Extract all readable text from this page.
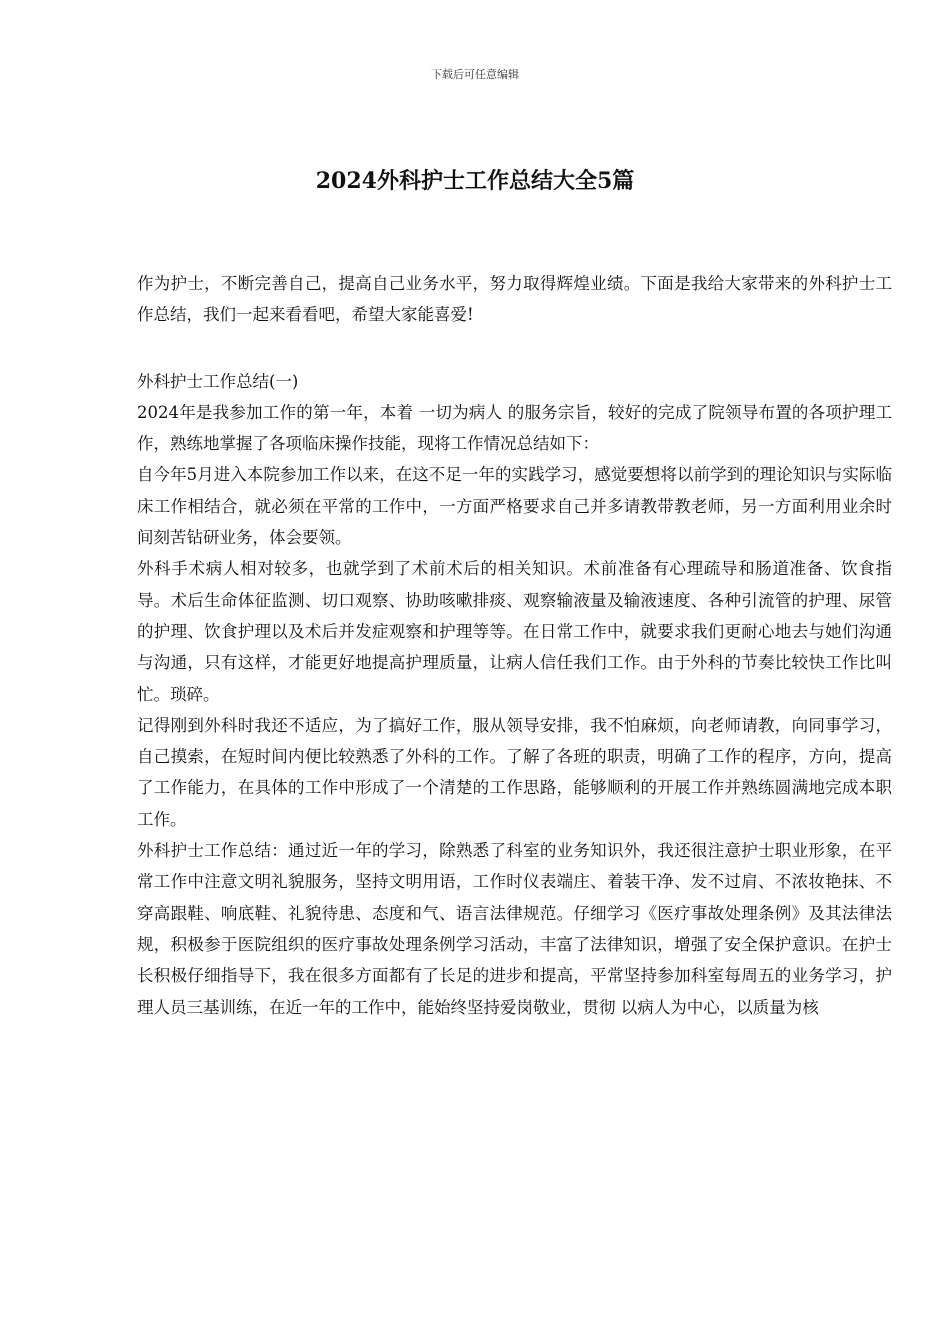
下载后可任意编辑
2024外科护士工作总结大全5篇

作为护士，不断完善自己，提高自己业务水平，努力取得辉煌业绩。下面是我给大家带来的外科护士工作总结，我们一起来看看吧，希望大家能喜爱!

外科护士工作总结(一)

2024年是我参加工作的第一年，本着 一切为病人 的服务宗旨，较好的完成了院领导布置的各项护理工作，熟练地掌握了各项临床操作技能，现将工作情况总结如下：

自今年5月进入本院参加工作以来，在这不足一年的实践学习，感觉要想将以前学到的理论知识与实际临床工作相结合，就必须在平常的工作中，一方面严格要求自己并多请教带教老师，另一方面利用业余时间刻苦钻研业务，体会要领。

外科手术病人相对较多，也就学到了术前术后的相关知识。术前准备有心理疏导和肠道准备、饮食指导。术后生命体征监测、切口观察、协助咳嗽排痰、观察输液量及输液速度、各种引流管的护理、尿管的护理、饮食护理以及术后并发症观察和护理等等。在日常工作中，就要求我们更耐心地去与她们沟通与沟通，只有这样，才能更好地提高护理质量，让病人信任我们工作。由于外科的节奏比较快工作比叫忙。琐碎。

记得刚到外科时我还不适应，为了搞好工作，服从领导安排，我不怕麻烦，向老师请教，向同事学习，自己摸索，在短时间内便比较熟悉了外科的工作。了解了各班的职责，明确了工作的程序，方向，提高了工作能力，在具体的工作中形成了一个清楚的工作思路，能够顺利的开展工作并熟练圆满地完成本职工作。

外科护士工作总结：通过近一年的学习，除熟悉了科室的业务知识外，我还很注意护士职业形象，在平常工作中注意文明礼貌服务，坚持文明用语，工作时仪表端庄、着装干净、发不过肩、不浓妆艳抹、不穿高跟鞋、响底鞋、礼貌待患、态度和气、语言法律规范。仔细学习《医疗事故处理条例》及其法律法规，积极参于医院组织的医疗事故处理条例学习活动，丰富了法律知识，增强了安全保护意识。在护士长积极仔细指导下，我在很多方面都有了长足的进步和提高，平常坚持参加科室每周五的业务学习，护理人员三基训练，在近一年的工作中，能始终坚持爱岗敬业，贯彻 以病人为中心，以质量为核
